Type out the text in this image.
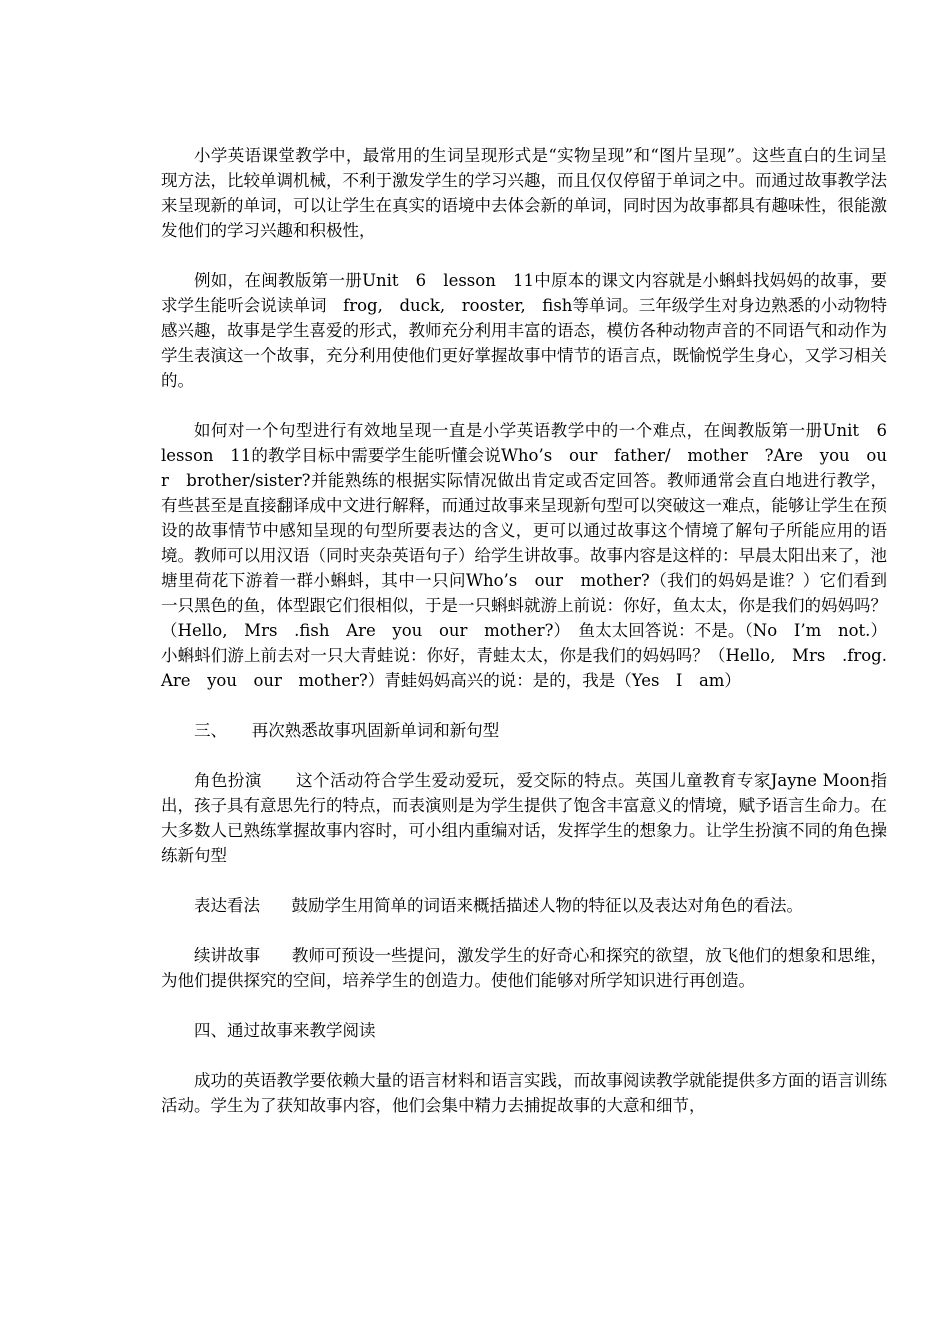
小学英语课堂教学中，最常用的生词呈现形式是“实物呈现”和“图片呈现”。这些直白的生词呈现方法，比较单调机械，不利于激发学生的学习兴趣，而且仅仅停留于单词之中。而通过故事教学法来呈现新的单词，可以让学生在真实的语境中去体会新的单词，同时因为故事都具有趣味性，很能激发他们的学习兴趣和积极性，

例如，在闽教版第一册Unit　6　lesson　11中原本的课文内容就是小蝌蚪找妈妈的故事，要求学生能听会说读单词　frog,　duck,　rooster,　fish等单词。三年级学生对身边熟悉的小动物特感兴趣，故事是学生喜爱的形式，教师充分利用丰富的语态，模仿各种动物声音的不同语气和动作为学生表演这一个故事，充分利用使他们更好掌握故事中情节的语言点，既愉悦学生身心，又学习相关的。

如何对一个句型进行有效地呈现一直是小学英语教学中的一个难点，在闽教版第一册Unit　6　lesson　11的教学目标中需要学生能听懂会说Who’s　our　father/　mother　?Are　you　our　brother/sister?并能熟练的根据实际情况做出肯定或否定回答。教师通常会直白地进行教学，有些甚至是直接翻译成中文进行解释，而通过故事来呈现新句型可以突破这一难点，能够让学生在预设的故事情节中感知呈现的句型所要表达的含义，更可以通过故事这个情境了解句子所能应用的语境。教师可以用汉语（同时夹杂英语句子）给学生讲故事。故事内容是这样的：早晨太阳出来了，池塘里荷花下游着一群小蝌蚪，其中一只问Who’s　our　mother?（我们的妈妈是谁？）它们看到一只黑色的鱼，体型跟它们很相似，于是一只蝌蚪就游上前说：你好，鱼太太，你是我们的妈妈吗？（Hello,　Mrs　.fish　Are　you　our　mother?）　鱼太太回答说：不是。（No　I’m　not.）小蝌蚪们游上前去对一只大青蛙说：你好，青蛙太太，你是我们的妈妈吗？（Hello,　Mrs　.frog.　Are　you　our　mother?）青蛙妈妈高兴的说：是的，我是（Yes　I　am）

三、　　再次熟悉故事巩固新单词和新句型

角色扮演 这个活动符合学生爱动爱玩，爱交际的特点。英国儿童教育专家Jayne Moon指出，孩子具有意思先行的特点，而表演则是为学生提供了饱含丰富意义的情境，赋予语言生命力。在大多数人已熟练掌握故事内容时，可小组内重编对话，发挥学生的想象力。让学生扮演不同的角色操练新句型

表达看法 鼓励学生用简单的词语来概括描述人物的特征以及表达对角色的看法。

续讲故事 教师可预设一些提问，激发学生的好奇心和探究的欲望，放飞他们的想象和思维，为他们提供探究的空间，培养学生的创造力。使他们能够对所学知识进行再创造。

四、通过故事来教学阅读

成功的英语教学要依赖大量的语言材料和语言实践，而故事阅读教学就能提供多方面的语言训练活动。学生为了获知故事内容，他们会集中精力去捕捉故事的大意和细节，
